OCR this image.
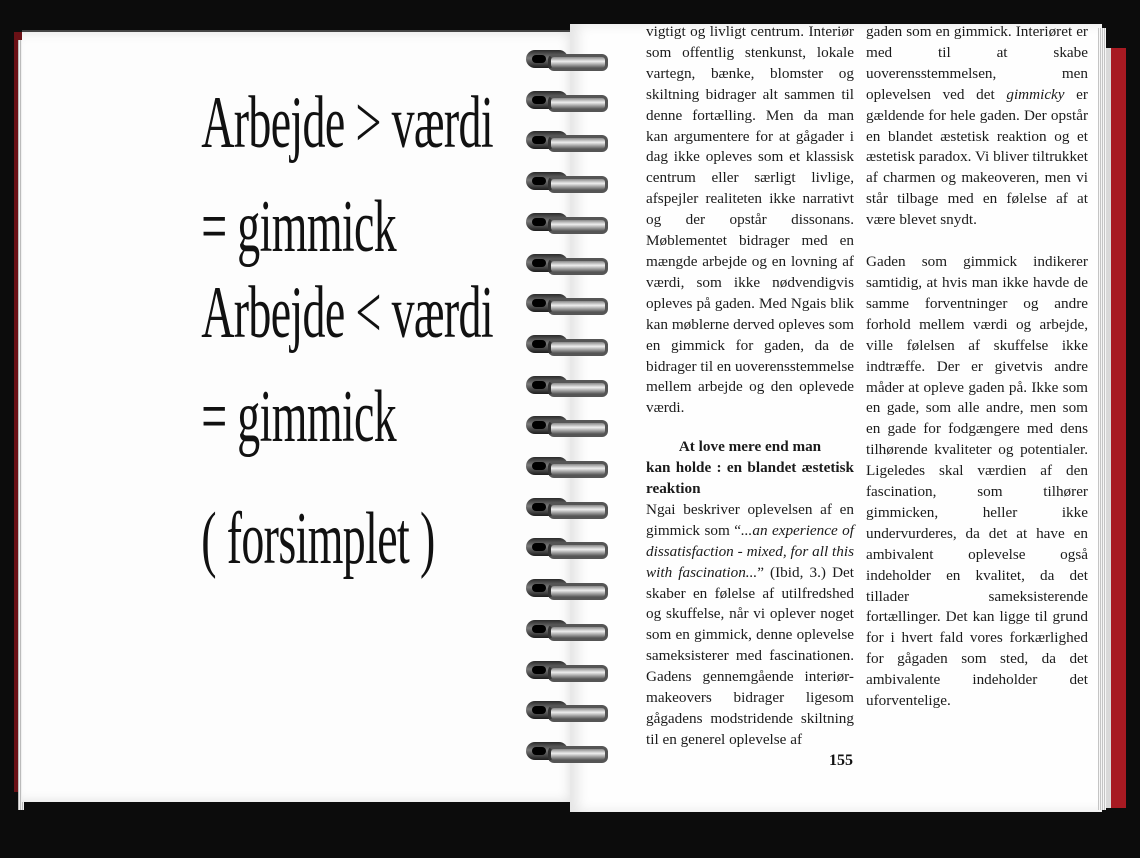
Arbejde > værdi
= gimmick
Arbejde < værdi
= gimmick
( forsimplet )

vigtigt og livligt centrum. Interiør som offentlig stenkunst, lokale vartegn, bænke, blomster og skiltning bidrager alt sammen til denne fortælling. Men da man kan argumentere for at gågader i dag ikke opleves som et klassisk centrum eller særligt livlige, afspejler realiteten ikke narrativt og der opstår dissonans. Møblementet bidrager med en mængde arbejde og en lovning af værdi, som ikke nødvendigvis opleves på gaden. Med Ngais blik kan møblerne derved opleves som en gimmick for gaden, da de bidrager til en uoverensstemmelse mellem arbejde og den oplevede værdi.

At love mere end man
kan holde : en blandet æstetisk reaktion

Ngai beskriver oplevelsen af en gimmick som “...an experience of dissatisfaction - mixed, for all this with fascination...” (Ibid, 3.) Det skaber en følelse af utilfredshed og skuffelse, når vi oplever noget som en gimmick, denne oplevelse sameksisterer med fascinationen. Gadens gennemgående interiør-makeovers bidrager ligesom gågadens modstridende skiltning til en generel oplevelse af

gaden som en gimmick. Interiøret er med til at skabe uoverensstemmelsen, men oplevelsen ved det gimmicky er gældende for hele gaden. Der opstår en blandet æstetisk reaktion og et æstetisk paradox. Vi bliver tiltrukket af charmen og makeoveren, men vi står tilbage med en følelse af at være blevet snydt.

Gaden som gimmick indikerer samtidig, at hvis man ikke havde de samme forventninger og andre forhold mellem værdi og arbejde, ville følelsen af skuffelse ikke indtræffe. Der er givetvis andre måder at opleve gaden på. Ikke som en gade, som alle andre, men som en gade for fodgængere med dens tilhørende kvaliteter og potentialer. Ligeledes skal værdien af den fascination, som tilhører gimmicken, heller ikke undervurderes, da det at have en ambivalent oplevelse også indeholder en kvalitet, da det tillader sameksisterende fortællinger. Det kan ligge til grund for i hvert fald vores forkærlighed for gågaden som sted, da det ambivalente indeholder det uforventelige.

155
